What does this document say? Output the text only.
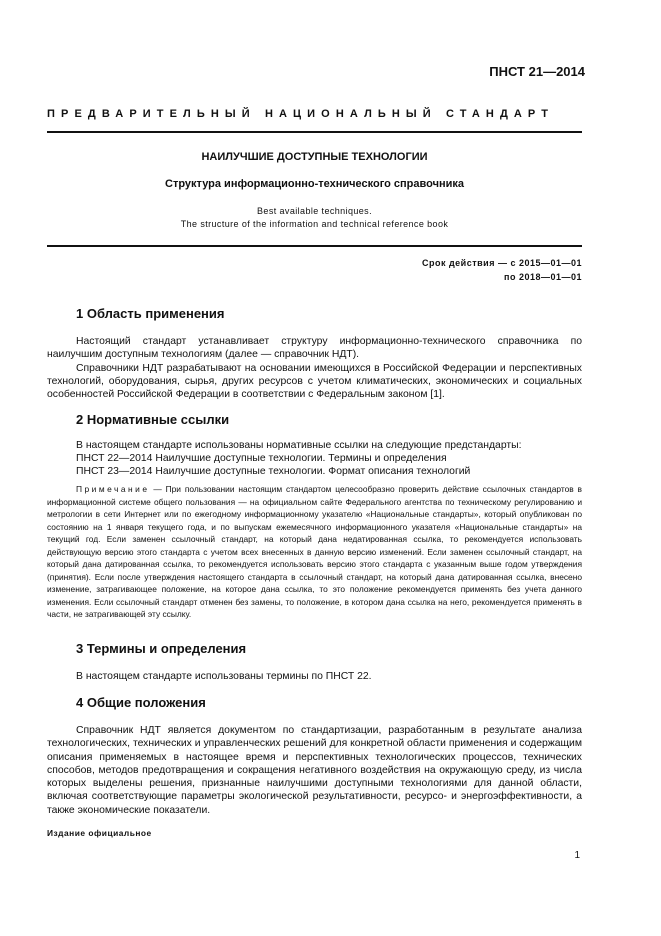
ПНСТ 21—2014
ПРЕДВАРИТЕЛЬНЫЙ НАЦИОНАЛЬНЫЙ СТАНДАРТ
НАИЛУЧШИЕ ДОСТУПНЫЕ ТЕХНОЛОГИИ
Структура информационно-технического справочника
Best available techniques.
The structure of the information and technical reference book
Срок действия — с 2015—01—01
по 2018—01—01
1 Область применения

Настоящий стандарт устанавливает структуру информационно-технического справочника по наилучшим доступным технологиям (далее — справочник НДТ).

Справочники НДТ разрабатывают на основании имеющихся в Российской Федерации и перспективных технологий, оборудования, сырья, других ресурсов с учетом климатических, экономических и социальных особенностей Российской Федерации в соответствии с Федеральным законом [1].

2 Нормативные ссылки
В настоящем стандарте использованы нормативные ссылки на следующие предстандарты:
ПНСТ 22—2014 Наилучшие доступные технологии. Термины и определения
ПНСТ 23—2014 Наилучшие доступные технологии. Формат описания технологий
Примечание — При пользовании настоящим стандартом целесообразно проверить действие ссылочных стандартов в информационной системе общего пользования — на официальном сайте Федерального агентства по техническому регулированию и метрологии в сети Интернет или по ежегодному информационному указателю «Национальные стандарты», который опубликован по состоянию на 1 января текущего года, и по выпускам ежемесячного информационного указателя «Национальные стандарты» на текущий год. Если заменен ссылочный стандарт, на который дана недатированная ссылка, то рекомендуется использовать действующую версию этого стандарта с учетом всех внесенных в данную версию изменений. Если заменен ссылочный стандарт, на который дана датированная ссылка, то рекомендуется использовать версию этого стандарта с указанным выше годом утверждения (принятия). Если после утверждения настоящего стандарта в ссылочный стандарт, на который дана датированная ссылка, внесено изменение, затрагивающее положение, на которое дана ссылка, то это положение рекомендуется применять без учета данного изменения. Если ссылочный стандарт отменен без замены, то положение, в котором дана ссылка на него, рекомендуется применять в части, не затрагивающей эту ссылку.
3 Термины и определения

В настоящем стандарте использованы термины по ПНСТ 22.

4 Общие положения

Справочник НДТ является документом по стандартизации, разработанным в результате анализа технологических, технических и управленческих решений для конкретной области применения и содержащим описания применяемых в настоящее время и перспективных технологических процессов, технических способов, методов предотвращения и сокращения негативного воздействия на окружающую среду, из числа которых выделены решения, признанные наилучшими доступными технологиями для данной области, включая соответствующие параметры экологической результативности, ресурсо- и энергоэффективности, а также экономические показатели.

Издание официальное
1
